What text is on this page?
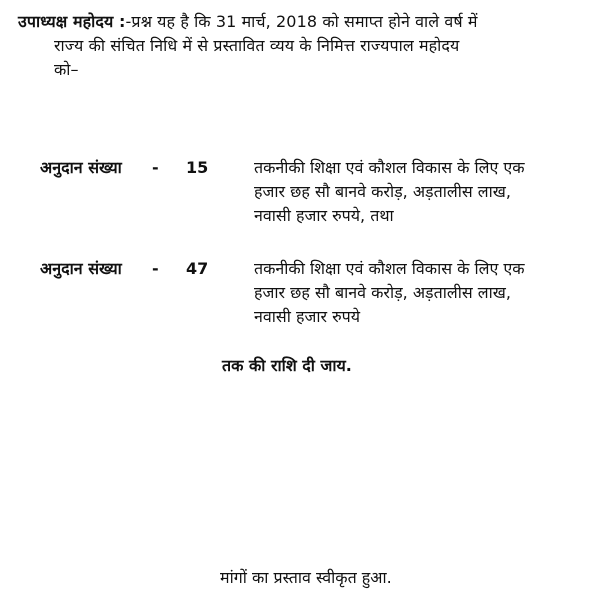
उपाध्यक्ष महोदय :-प्रश्न यह है कि 31 मार्च, 2018 को समाप्त होने वाले वर्ष में
राज्य की संचित निधि में से प्रस्तावित व्यय के निमित्त राज्यपाल महोदय
को–
अनुदान संख्या - 15	तकनीकी शिक्षा एवं कौशल विकास के लिए एक
हजार छह सौ बानवे करोड़, अड़तालीस लाख,
नवासी हजार रुपये, तथा
अनुदान संख्या - 47	तकनीकी शिक्षा एवं कौशल विकास के लिए एक
हजार छह सौ बानवे करोड़, अड़तालीस लाख,
नवासी हजार रुपये
तक की राशि दी जाय.
मांगों का प्रस्ताव स्वीकृत हुआ.
